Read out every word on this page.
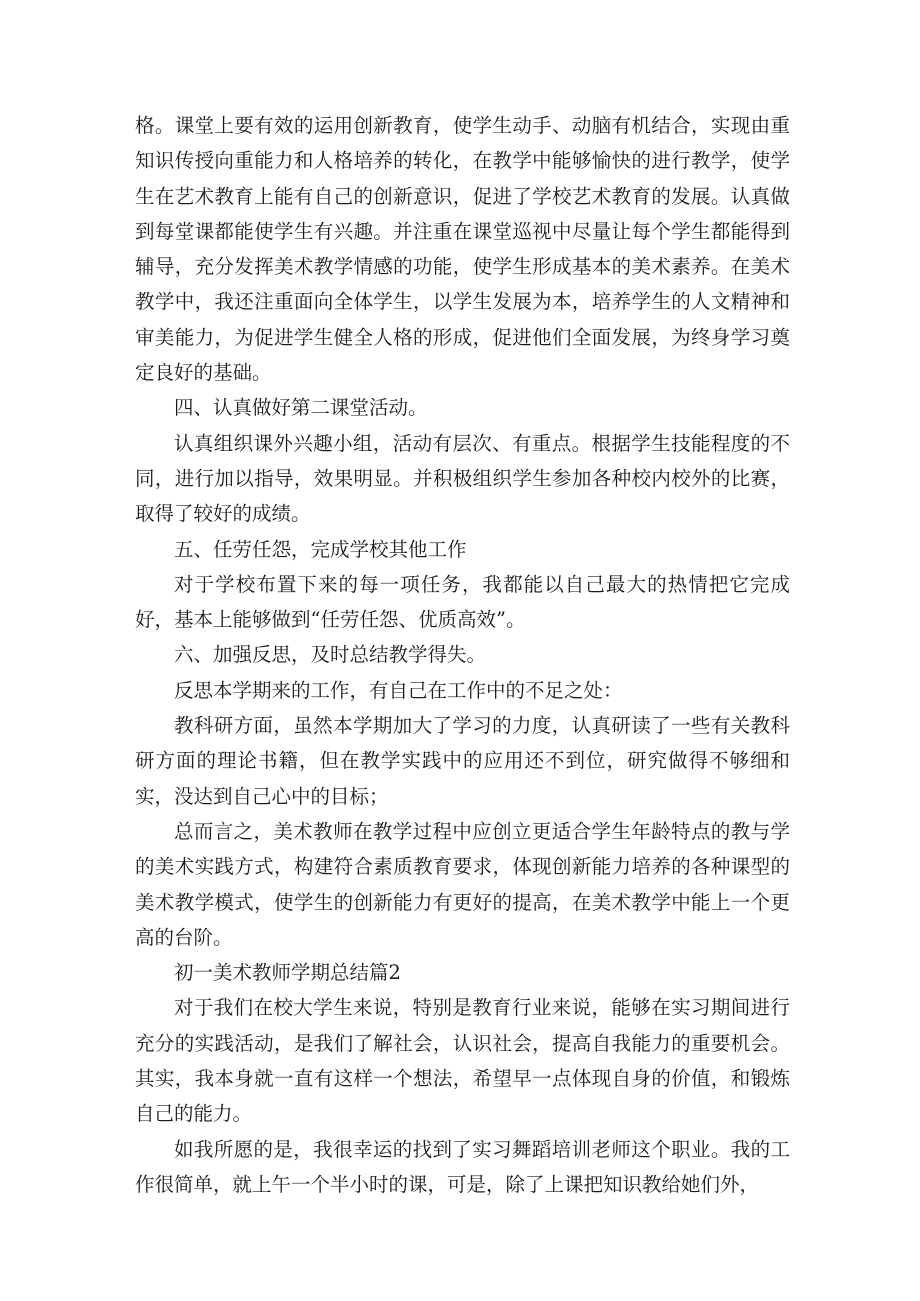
格。课堂上要有效的运用创新教育，使学生动手、动脑有机结合，实现由重知识传授向重能力和人格培养的转化，在教学中能够愉快的进行教学，使学生在艺术教育上能有自己的创新意识，促进了学校艺术教育的发展。认真做到每堂课都能使学生有兴趣。并注重在课堂巡视中尽量让每个学生都能得到辅导，充分发挥美术教学情感的功能，使学生形成基本的美术素养。在美术教学中，我还注重面向全体学生，以学生发展为本，培养学生的人文精神和审美能力，为促进学生健全人格的形成，促进他们全面发展，为终身学习奠定良好的基础。

四、认真做好第二课堂活动。

认真组织课外兴趣小组，活动有层次、有重点。根据学生技能程度的不同，进行加以指导，效果明显。并积极组织学生参加各种校内校外的比赛，取得了较好的成绩。

五、任劳任怨，完成学校其他工作

对于学校布置下来的每一项任务，我都能以自己最大的热情把它完成好，基本上能够做到“任劳任怨、优质高效”。

六、加强反思，及时总结教学得失。

反思本学期来的工作，有自己在工作中的不足之处：

教科研方面，虽然本学期加大了学习的力度，认真研读了一些有关教科研方面的理论书籍，但在教学实践中的应用还不到位，研究做得不够细和实，没达到自己心中的目标；

总而言之，美术教师在教学过程中应创立更适合学生年龄特点的教与学的美术实践方式，构建符合素质教育要求，体现创新能力培养的各种课型的美术教学模式，使学生的创新能力有更好的提高，在美术教学中能上一个更高的台阶。

初一美术教师学期总结篇2

对于我们在校大学生来说，特别是教育行业来说，能够在实习期间进行充分的实践活动，是我们了解社会，认识社会，提高自我能力的重要机会。其实，我本身就一直有这样一个想法，希望早一点体现自身的价值，和锻炼自己的能力。

如我所愿的是，我很幸运的找到了实习舞蹈培训老师这个职业。我的工作很简单，就上午一个半小时的课，可是，除了上课把知识教给她们外，
